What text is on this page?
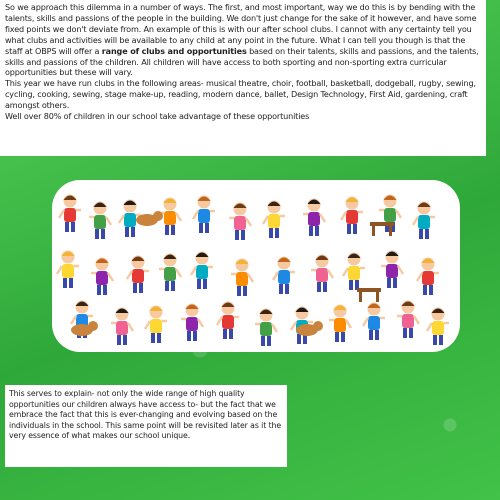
So we approach this dilemma in a number of ways. The first, and most important, way we do this is by bending with the talents, skills and passions of the people in the building. We don't just change for the sake of it however, and have some fixed points we don't deviate from. An example of this is with our after school clubs. I cannot with any certainty tell you what clubs and activities will be available to any child at any point in the future. What I can tell you though is that the staff at OBPS will offer a range of clubs and opportunities based on their talents, skills and passions, and the talents, skills and passions of the children. All children will have access to both sporting and non-sporting extra curricular opportunities but these will vary.

This year we have run clubs in the following areas- musical theatre, choir, football, basketball, dodgeball, rugby, sewing, cycling, cooking, sewing, stage make-up, reading, modern dance, ballet, Design Technology, First Aid, gardening, craft amongst others.

Well over 80% of children in our school take advantage of these opportunities

This serves to explain- not only the wide range of high quality opportunities our children always have access to- but the fact that we embrace the fact that this is ever-changing and evolving based on the individuals in the school. This same point will be revisited later as it the very essence of what makes our school unique.
